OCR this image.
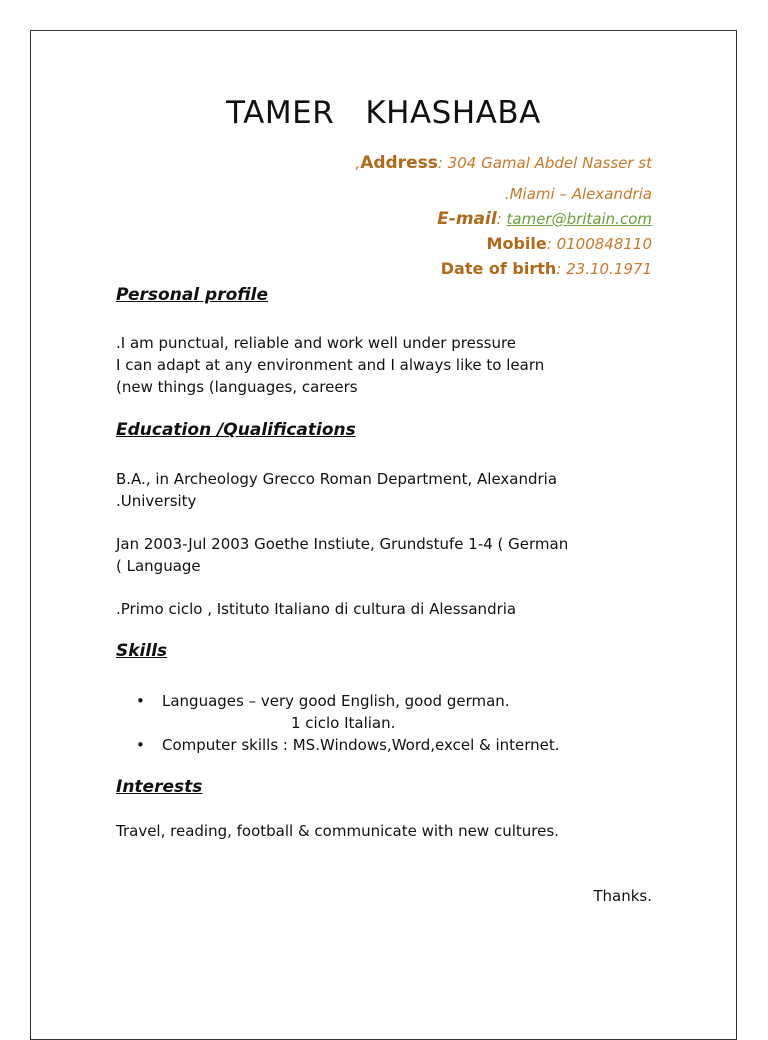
TAMER   KHASHABA
,Address: 304 Gamal Abdel Nasser st
.Miami – Alexandria
E-mail: tamer@britain.com
Mobile: 0100848110
Date of birth: 23.10.1971
Personal profile
.I am punctual, reliable and work well under pressure
I can adapt at any environment and I always like to learn
(new things (languages, careers
Education /Qualifications
B.A., in Archeology Grecco Roman Department, Alexandria
.University
Jan 2003-Jul 2003 Goethe Instiute, Grundstufe 1-4 ( German
( Language
.Primo ciclo , Istituto Italiano di cultura di Alessandria
Skills
• Languages – very good English, good german.
1 ciclo Italian.
• Computer skills : MS.Windows,Word,excel & internet.
Interests
Travel, reading, football & communicate with new cultures.
Thanks.
